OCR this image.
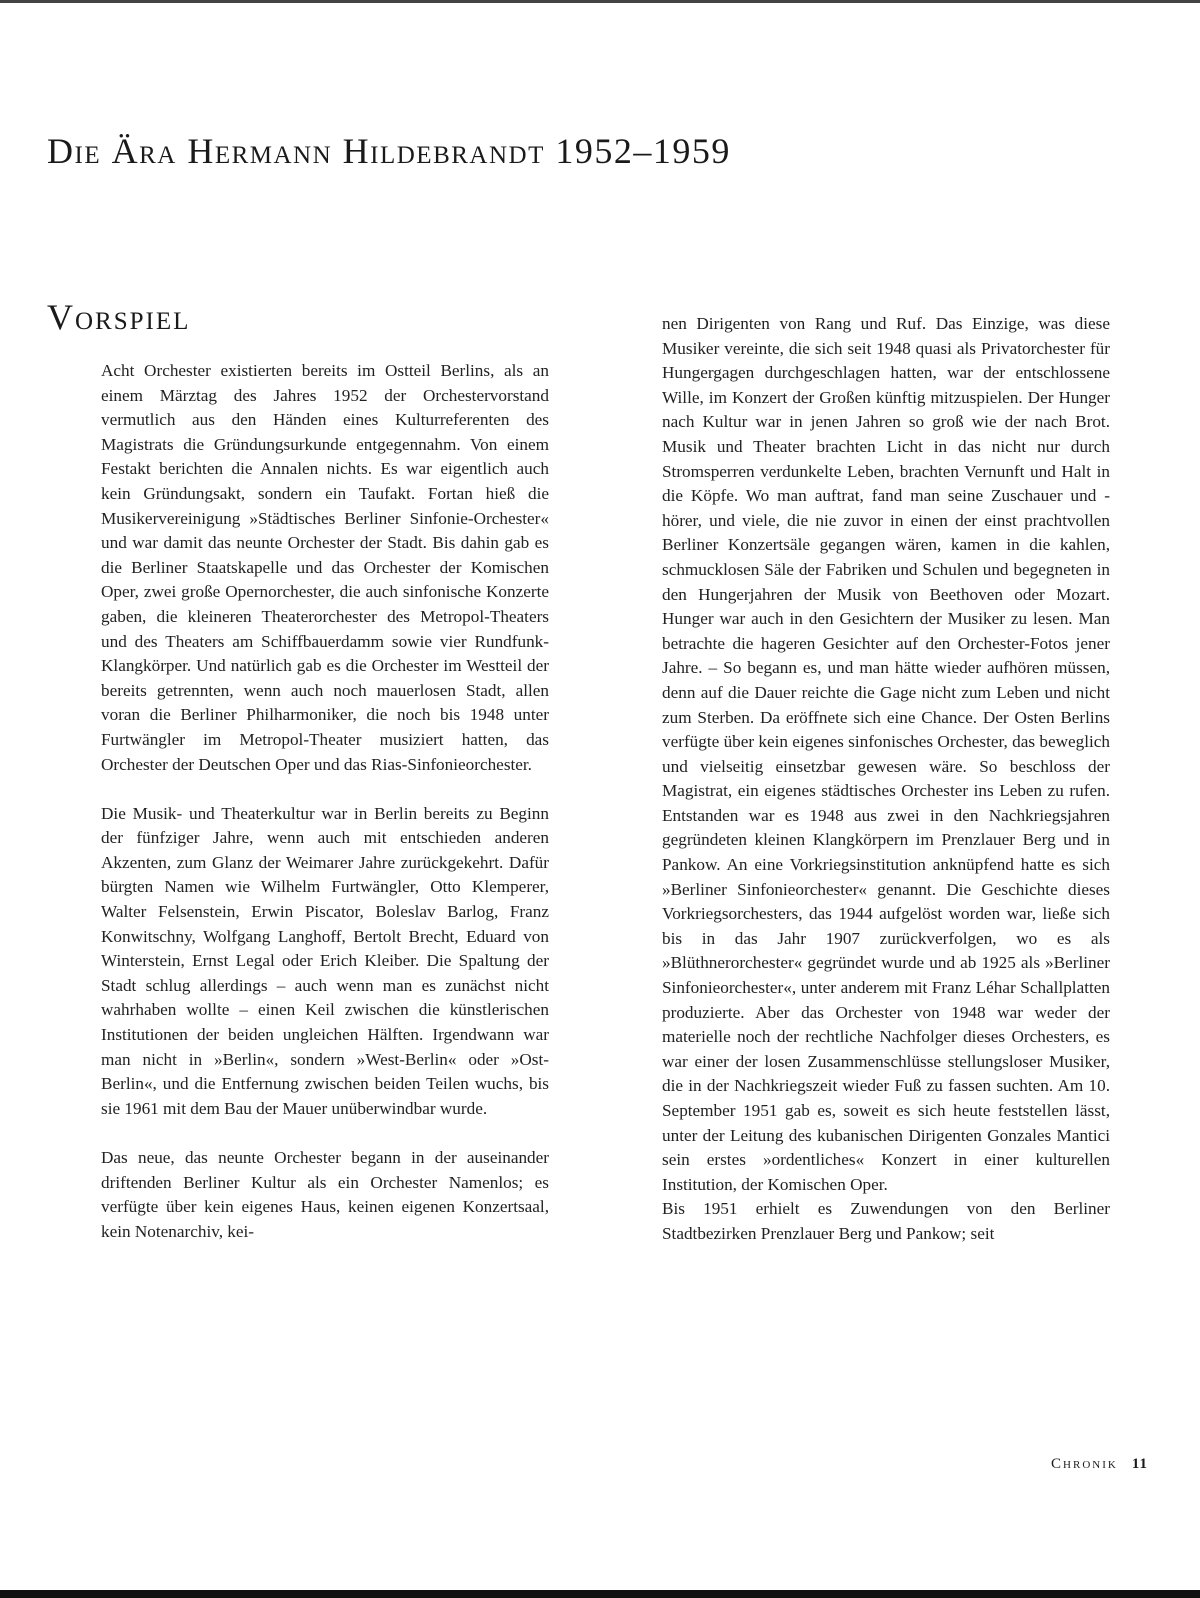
Die Ära Hermann Hildebrandt 1952–1959
Vorspiel

Acht Orchester existierten bereits im Ostteil Berlins, als an einem Märztag des Jahres 1952 der Orchestervorstand vermutlich aus den Händen eines Kulturreferenten des Magistrats die Gründungsurkunde entgegennahm. Von einem Festakt berichten die Annalen nichts. Es war eigentlich auch kein Gründungsakt, sondern ein Taufakt. Fortan hieß die Musikervereinigung »Städtisches Berliner Sinfonie-Orchester« und war damit das neunte Orchester der Stadt. Bis dahin gab es die Berliner Staatskapelle und das Orchester der Komischen Oper, zwei große Opernorchester, die auch sinfonische Konzerte gaben, die kleineren Theaterorchester des Metropol-Theaters und des Theaters am Schiffbauerdamm sowie vier Rundfunk-Klangkörper. Und natürlich gab es die Orchester im Westteil der bereits getrennten, wenn auch noch mauerlosen Stadt, allen voran die Berliner Philharmoniker, die noch bis 1948 unter Furtwängler im Metropol-Theater musiziert hatten, das Orchester der Deutschen Oper und das Rias-Sinfonieorchester.

Die Musik- und Theaterkultur war in Berlin bereits zu Beginn der fünfziger Jahre, wenn auch mit entschieden anderen Akzenten, zum Glanz der Weimarer Jahre zurückgekehrt. Dafür bürgten Namen wie Wilhelm Furtwängler, Otto Klemperer, Walter Felsenstein, Erwin Piscator, Boleslav Barlog, Franz Konwitschny, Wolfgang Langhoff, Bertolt Brecht, Eduard von Winterstein, Ernst Legal oder Erich Kleiber. Die Spaltung der Stadt schlug allerdings – auch wenn man es zunächst nicht wahrhaben wollte – einen Keil zwischen die künstlerischen Institutionen der beiden ungleichen Hälften. Irgendwann war man nicht in »Berlin«, sondern »West-Berlin« oder »Ost-Berlin«, und die Entfernung zwischen beiden Teilen wuchs, bis sie 1961 mit dem Bau der Mauer unüberwindbar wurde.

Das neue, das neunte Orchester begann in der auseinander driftenden Berliner Kultur als ein Orchester Namenlos; es verfügte über kein eigenes Haus, keinen eigenen Konzertsaal, kein Notenarchiv, kei-

nen Dirigenten von Rang und Ruf. Das Einzige, was diese Musiker vereinte, die sich seit 1948 quasi als Privatorchester für Hungergagen durchgeschlagen hatten, war der entschlossene Wille, im Konzert der Großen künftig mitzuspielen. Der Hunger nach Kultur war in jenen Jahren so groß wie der nach Brot. Musik und Theater brachten Licht in das nicht nur durch Stromsperren verdunkelte Leben, brachten Vernunft und Halt in die Köpfe. Wo man auftrat, fand man seine Zuschauer und -hörer, und viele, die nie zuvor in einen der einst prachtvollen Berliner Konzertsäle gegangen wären, kamen in die kahlen, schmucklosen Säle der Fabriken und Schulen und begegneten in den Hungerjahren der Musik von Beethoven oder Mozart. Hunger war auch in den Gesichtern der Musiker zu lesen. Man betrachte die hageren Gesichter auf den Orchester-Fotos jener Jahre. – So begann es, und man hätte wieder aufhören müssen, denn auf die Dauer reichte die Gage nicht zum Leben und nicht zum Sterben. Da eröffnete sich eine Chance. Der Osten Berlins verfügte über kein eigenes sinfonisches Orchester, das beweglich und vielseitig einsetzbar gewesen wäre. So beschloss der Magistrat, ein eigenes städtisches Orchester ins Leben zu rufen. Entstanden war es 1948 aus zwei in den Nachkriegsjahren gegründeten kleinen Klangkörpern im Prenzlauer Berg und in Pankow. An eine Vorkriegsinstitution anknüpfend hatte es sich »Berliner Sinfonieorchester« genannt. Die Geschichte dieses Vorkriegsorchesters, das 1944 aufgelöst worden war, ließe sich bis in das Jahr 1907 zurückverfolgen, wo es als »Blüthnerorchester« gegründet wurde und ab 1925 als »Berliner Sinfonieorchester«, unter anderem mit Franz Léhar Schallplatten produzierte. Aber das Orchester von 1948 war weder der materielle noch der rechtliche Nachfolger dieses Orchesters, es war einer der losen Zusammenschlüsse stellungsloser Musiker, die in der Nachkriegszeit wieder Fuß zu fassen suchten. Am 10. September 1951 gab es, soweit es sich heute feststellen lässt, unter der Leitung des kubanischen Dirigenten Gonzales Mantici sein erstes »ordentliches« Konzert in einer kulturellen Institution, der Komischen Oper.

Bis 1951 erhielt es Zuwendungen von den Berliner Stadtbezirken Prenzlauer Berg und Pankow; seit

Chronik 11
